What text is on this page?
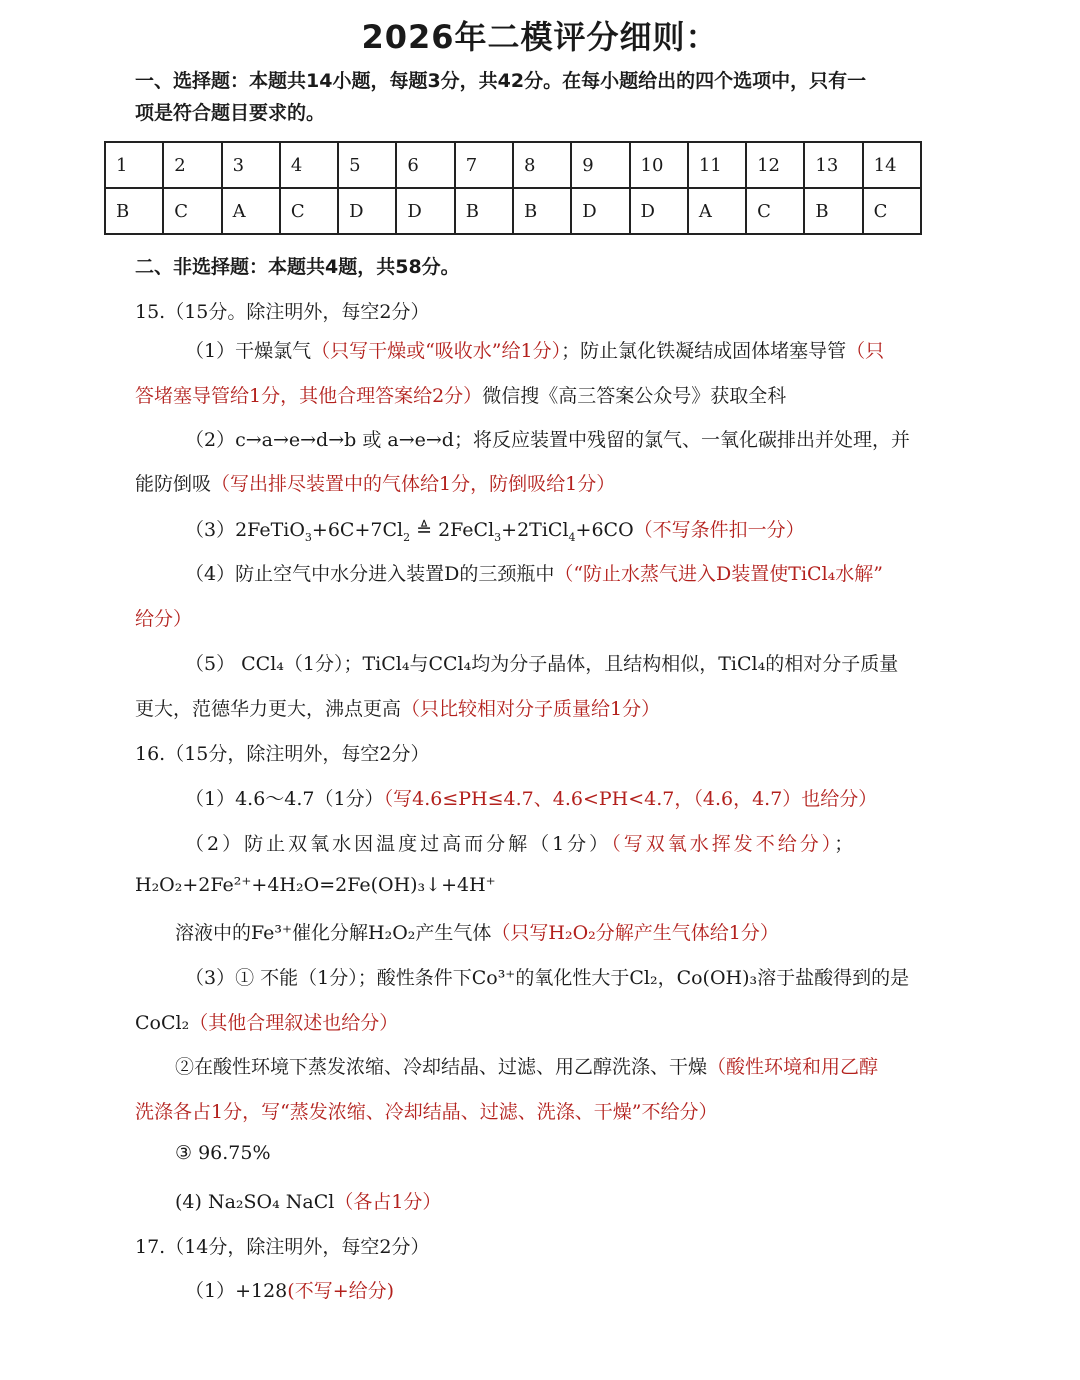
2026年二模评分细则：
一、选择题：本题共14小题，每题3分，共42分。在每小题给出的四个选项中，只有一
项是符合题目要求的。
1	2	3	4	5	6	7	8	9	10	11	12	13	14
B	C	A	C	D	D	B	B	D	D	A	C	B	C
二、非选择题：本题共4题，共58分。
15.（15分。除注明外，每空2分）
（1）干燥氯气（只写干燥或“吸收水”给1分）；防止氯化铁凝结成固体堵塞导管（只
答堵塞导管给1分，其他合理答案给2分）微信搜《高三答案公众号》获取全科
（2）c→a→e→d→b 或 a→e→d；将反应装置中残留的氯气、一氧化碳排出并处理，并
能防倒吸（写出排尽装置中的气体给1分，防倒吸给1分）
$(3)2FeTiO_3+6C+7Cl_2$ ≜ 2FeCl$_3$+2TiCl$_4$+6CO（不写条件扣一分）
（4）防止空气中水分进入装置D的三颈瓶中（“防止水蒸气进入D装置使TiCl₄水解”
给分）
（5） CCl₄（1分）；TiCl₄与CCl₄均为分子晶体，且结构相似，TiCl₄的相对分子质量
更大，范德华力更大，沸点更高（只比较相对分子质量给1分）
16.（15分，除注明外，每空2分）
（1）4.6～4.7（1分）（写4.6≤PH≤4.7、4.6<PH<4.7，（4.6，4.7）也给分）
（2）防止双氧水因温度过高而分解（1分）（写双氧水挥发不给分）；
H₂O₂+2Fe²⁺+4H₂O=2Fe(OH)₃↓+4H⁺
溶液中的Fe³⁺催化分解H₂O₂产生气体（只写H₂O₂分解产生气体给1分）
（3）① 不能（1分）；酸性条件下Co³⁺的氧化性大于Cl₂，Co(OH)₃溶于盐酸得到的是
CoCl₂（其他合理叙述也给分）
②在酸性环境下蒸发浓缩、冷却结晶、过滤、用乙醇洗涤、干燥（酸性环境和用乙醇
洗涤各占1分，写“蒸发浓缩、冷却结晶、过滤、洗涤、干燥”不给分）
③ 96.75%
(4) Na₂SO₄ NaCl（各占1分）
17.（14分，除注明外，每空2分）
（1）+128(不写+给分)
